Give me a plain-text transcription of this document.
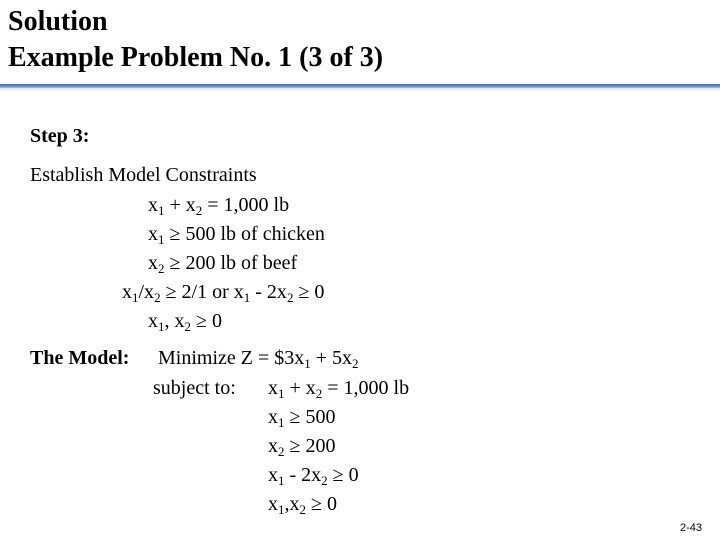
Solution
Example Problem No. 1 (3 of 3)
Step 3:
Establish Model Constraints
$x_1 + x_2 = 1,000$ lb
$x_1 \ge 500$ lb of chicken
$x_2 \ge 200$ lb of beef
$x_1/x_2 \ge 2/1$ or $x_1 - 2x_2 \ge 0$
$x_1$, $x_2 \ge 0$
The Model: Minimize $Z = \$3x_1 + 5x_2$
subject to: $x_1 + x_2 = 1,000$ lb
$x_1 \ge 500$
$x_2 \ge 200$
$x_1 - 2x_2 \ge 0$
$x_1,x_2 \ge 0$
2-43
